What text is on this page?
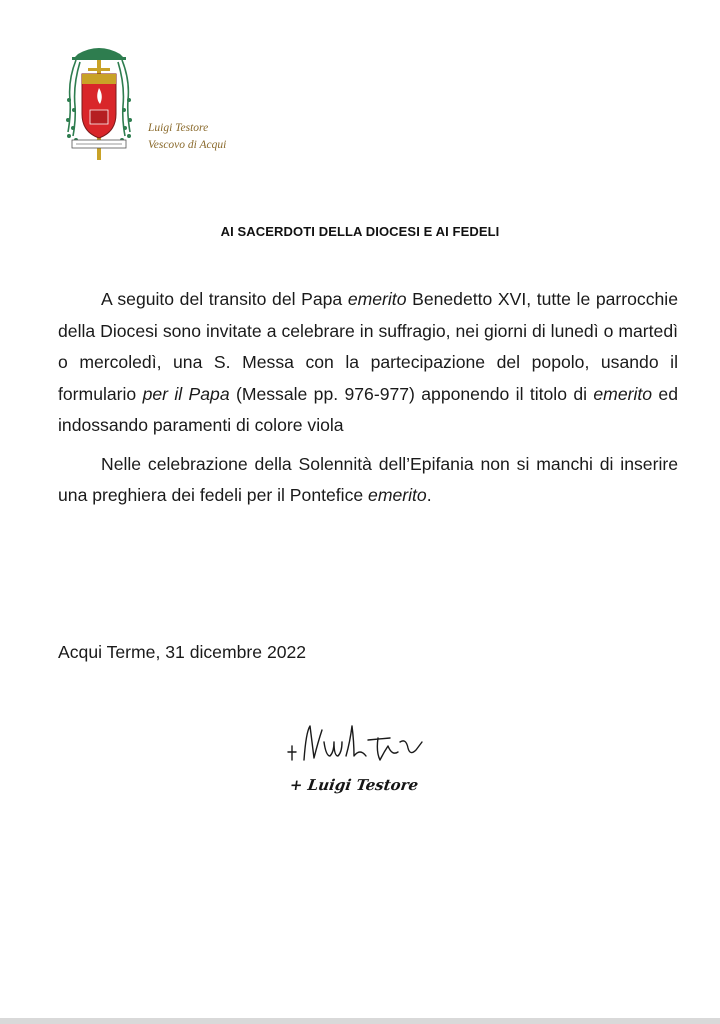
Luigi Testore
Vescovo di Acqui
AI SACERDOTI DELLA DIOCESI E AI FEDELI

A seguito del transito del Papa emerito Benedetto XVI, tutte le parrocchie della Diocesi sono invitate a celebrare in suffragio, nei giorni di lunedì o martedì o mercoledì, una S. Messa con la partecipazione del popolo, usando il formulario per il Papa (Messale pp. 976-977) apponendo il titolo di emerito ed indossando paramenti di colore viola

Nelle celebrazione della Solennità dell’Epifania non si manchi di inserire una preghiera dei fedeli per il Pontefice emerito.

Acqui Terme, 31 dicembre 2022
+ Luigi Testore
